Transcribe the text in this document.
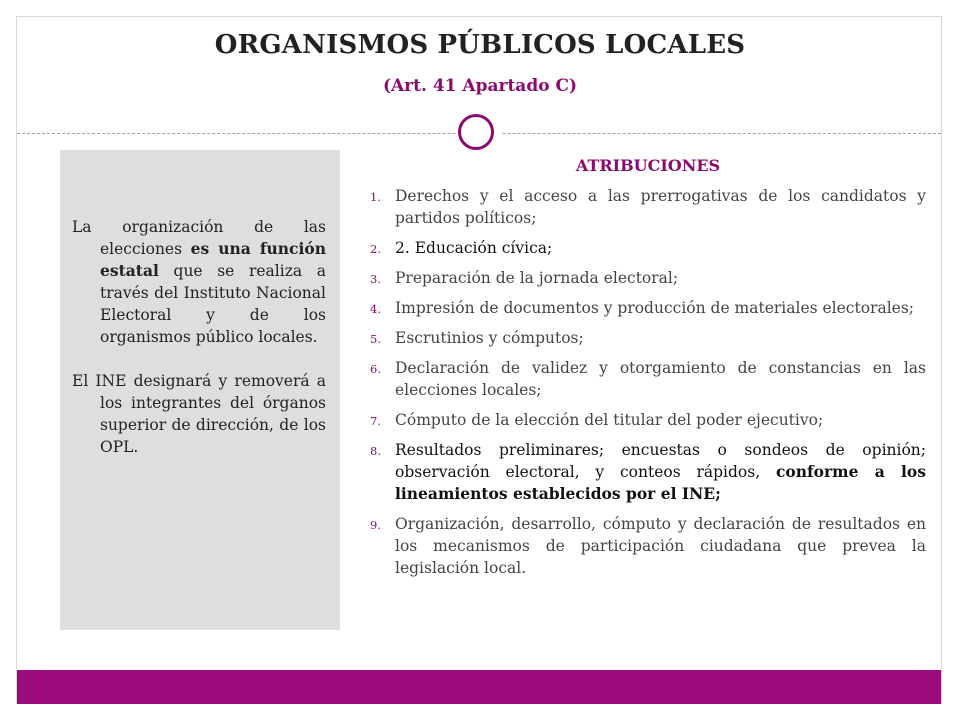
ORGANISMOS PÚBLICOS LOCALES
(Art. 41 Apartado C)

La organización de las elecciones es una función estatal que se realiza a través del Instituto Nacional Electoral y de los organismos público locales.

El INE designará y removerá a los integrantes del órganos superior de dirección, de los OPL.

ATRIBUCIONES
1. Derechos y el acceso a las prerrogativas de los candidatos y partidos políticos;
2. 2. Educación cívica;
3. Preparación de la jornada electoral;
4. Impresión de documentos y producción de materiales electorales;
5. Escrutinios y cómputos;
6. Declaración de validez y otorgamiento de constancias en las elecciones locales;
7. Cómputo de la elección del titular del poder ejecutivo;
8. Resultados preliminares; encuestas o sondeos de opinión; observación electoral, y conteos rápidos, conforme a los lineamientos establecidos por el INE;
9. Organización, desarrollo, cómputo y declaración de resultados en los mecanismos de participación ciudadana que prevea la legislación local.
